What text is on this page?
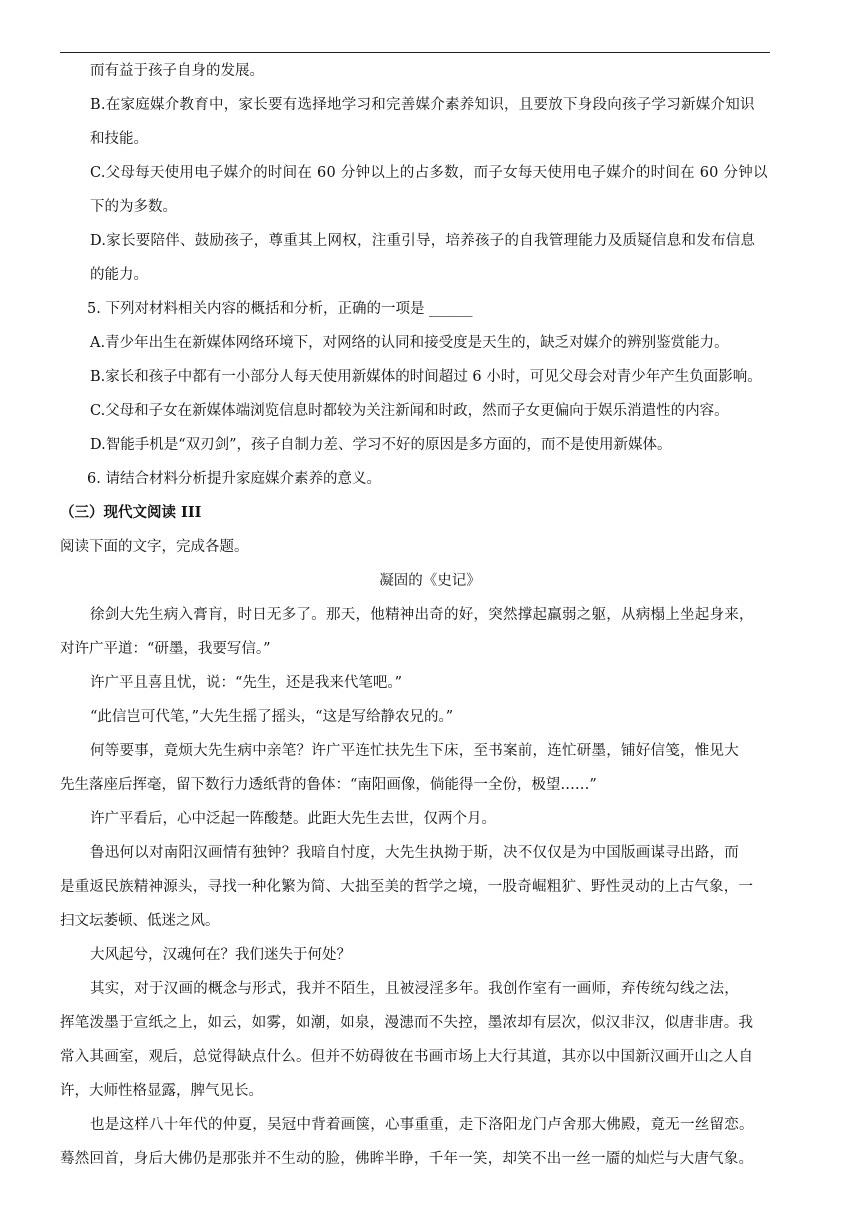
而有益于孩子自身的发展。
B.在家庭媒介教育中，家长要有选择地学习和完善媒介素养知识，且要放下身段向孩子学习新媒介知识
和技能。
C.父母每天使用电子媒介的时间在 60 分钟以上的占多数，而子女每天使用电子媒介的时间在 60 分钟以
下的为多数。
D.家长要陪伴、鼓励孩子，尊重其上网权，注重引导，培养孩子的自我管理能力及质疑信息和发布信息
的能力。
5. 下列对材料相关内容的概括和分析，正确的一项是 ______
A.青少年出生在新媒体网络环境下，对网络的认同和接受度是天生的，缺乏对媒介的辨别鉴赏能力。
B.家长和孩子中都有一小部分人每天使用新媒体的时间超过 6 小时，可见父母会对青少年产生负面影响。
C.父母和子女在新媒体端浏览信息时都较为关注新闻和时政，然而子女更偏向于娱乐消遣性的内容。
D.智能手机是“双刃剑”，孩子自制力差、学习不好的原因是多方面的，而不是使用新媒体。
6. 请结合材料分析提升家庭媒介素养的意义。
（三）现代文阅读 III
阅读下面的文字，完成各题。
凝固的《史记》
徐剑大先生病入膏肓，时日无多了。那天，他精神出奇的好，突然撑起羸弱之躯，从病榻上坐起身来，
对许广平道：“研墨，我要写信。”
许广平且喜且忧，说：“先生，还是我来代笔吧。”
“此信岂可代笔，”大先生摇了摇头，“这是写给静农兄的。”
何等要事，竟烦大先生病中亲笔？许广平连忙扶先生下床，至书案前，连忙研墨，铺好信笺，惟见大
先生落座后挥毫，留下数行力透纸背的鲁体：“南阳画像，倘能得一全份，极望……”
许广平看后，心中泛起一阵酸楚。此距大先生去世，仅两个月。
鲁迅何以对南阳汉画情有独钟？我暗自忖度，大先生执拗于斯，决不仅仅是为中国版画谋寻出路，而
是重返民族精神源头，寻找一种化繁为简、大拙至美的哲学之境，一股奇崛粗犷、野性灵动的上古气象，一
扫文坛萎顿、低迷之风。
大风起兮，汉魂何在？我们迷失于何处？
其实，对于汉画的概念与形式，我并不陌生，且被浸淫多年。我创作室有一画师，弃传统勾线之法，
挥笔泼墨于宣纸之上，如云，如雾，如潮，如泉，漫漶而不失控，墨浓却有层次，似汉非汉，似唐非唐。我
常入其画室，观后，总觉得缺点什么。但并不妨碍彼在书画市场上大行其道，其亦以中国新汉画开山之人自
许，大师性格显露，脾气见长。
也是这样八十年代的仲夏，吴冠中背着画箧，心事重重，走下洛阳龙门卢舍那大佛殿，竟无一丝留恋。
蓦然回首，身后大佛仍是那张并不生动的脸，佛眸半睁，千年一笑，却笑不出一丝一靥的灿烂与大唐气象。
